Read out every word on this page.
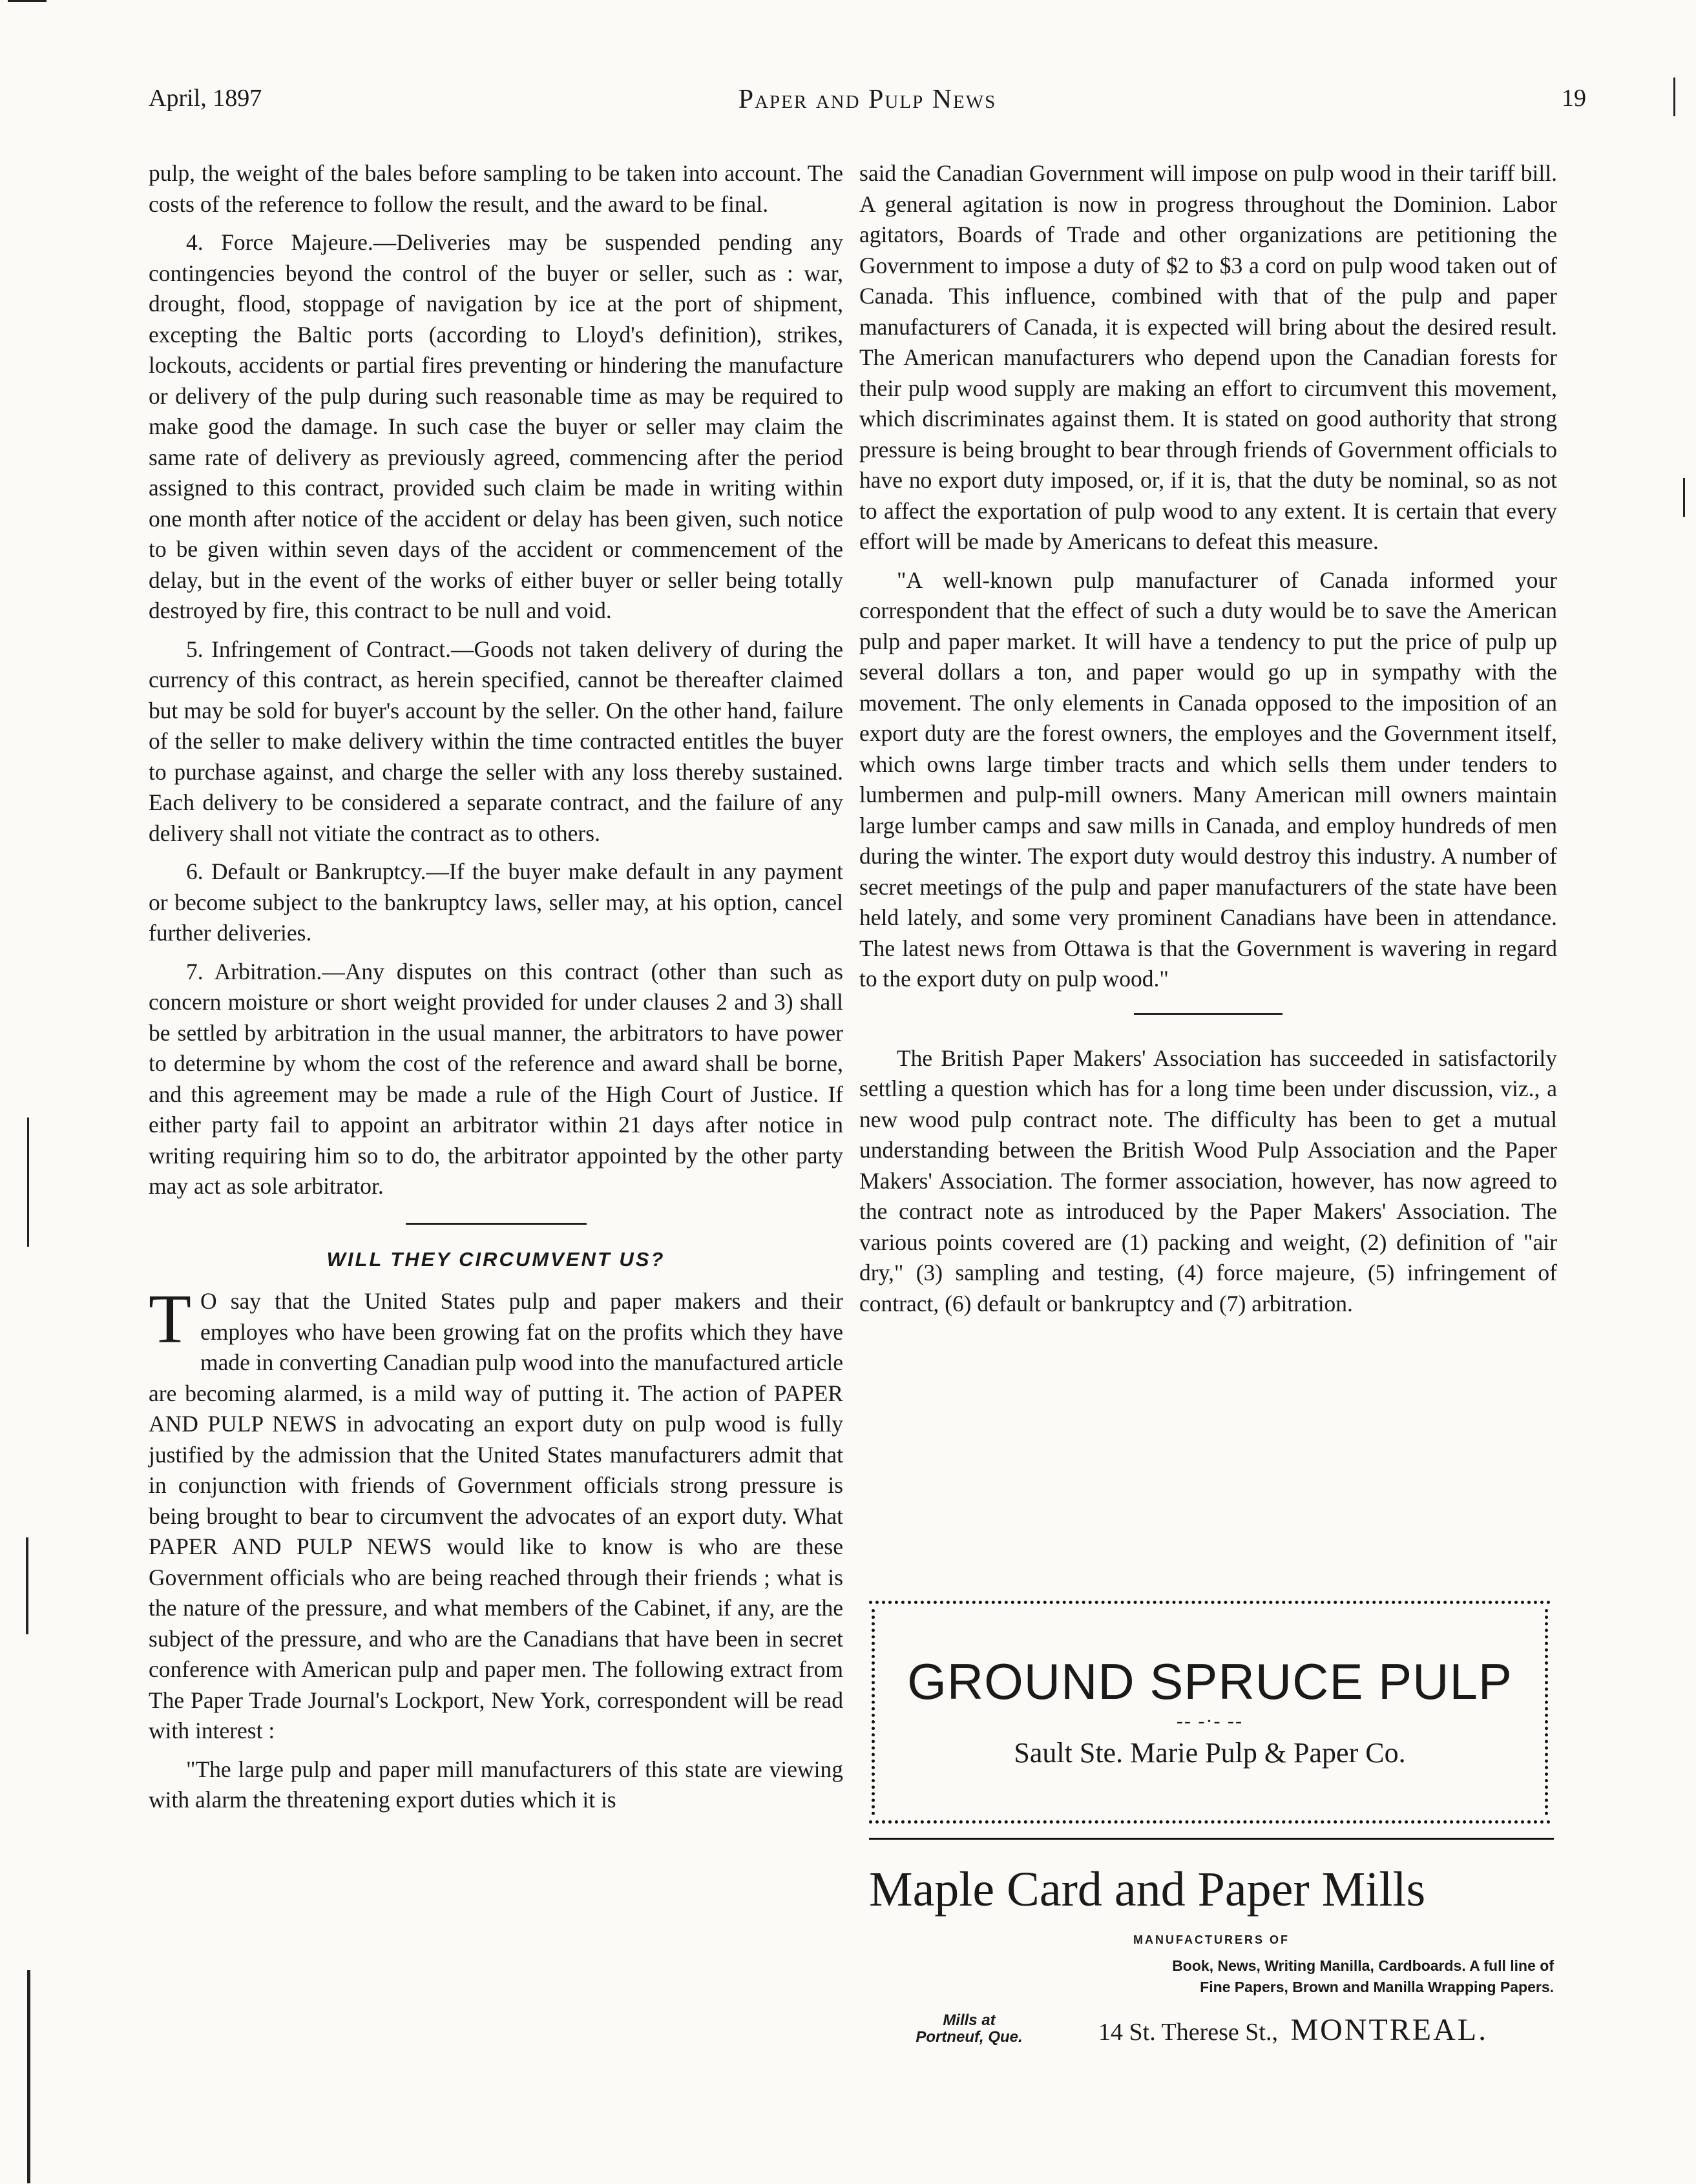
April, 1897	Paper and Pulp News	19

pulp, the weight of the bales before sampling to be taken into account. The costs of the reference to follow the result, and the award to be final.

4. Force Majeure.—Deliveries may be suspended pending any contingencies beyond the control of the buyer or seller, such as : war, drought, flood, stoppage of navigation by ice at the port of shipment, excepting the Baltic ports (according to Lloyd's definition), strikes, lockouts, accidents or partial fires preventing or hindering the manufacture or delivery of the pulp during such reasonable time as may be required to make good the damage. In such case the buyer or seller may claim the same rate of delivery as previously agreed, commencing after the period assigned to this contract, provided such claim be made in writing within one month after notice of the accident or delay has been given, such notice to be given within seven days of the accident or commencement of the delay, but in the event of the works of either buyer or seller being totally destroyed by fire, this contract to be null and void.

5. Infringement of Contract.—Goods not taken delivery of during the currency of this contract, as herein specified, cannot be thereafter claimed but may be sold for buyer's account by the seller. On the other hand, failure of the seller to make delivery within the time contracted entitles the buyer to purchase against, and charge the seller with any loss thereby sustained. Each delivery to be considered a separate contract, and the failure of any delivery shall not vitiate the contract as to others.

6. Default or Bankruptcy.—If the buyer make default in any payment or become subject to the bankruptcy laws, seller may, at his option, cancel further deliveries.

7. Arbitration.—Any disputes on this contract (other than such as concern moisture or short weight provided for under clauses 2 and 3) shall be settled by arbitration in the usual manner, the arbitrators to have power to determine by whom the cost of the reference and award shall be borne, and this agreement may be made a rule of the High Court of Justice. If either party fail to appoint an arbitrator within 21 days after notice in writing requiring him so to do, the arbitrator appointed by the other party may act as sole arbitrator.

WILL THEY CIRCUMVENT US?

T O say that the United States pulp and paper makers and their employes who have been growing fat on the profits which they have made in converting Canadian pulp wood into the manufactured article are becoming alarmed, is a mild way of putting it. The action of PAPER AND PULP NEWS in advocating an export duty on pulp wood is fully justified by the admission that the United States manufacturers admit that in conjunction with friends of Government officials strong pressure is being brought to bear to circumvent the advocates of an export duty. What PAPER AND PULP NEWS would like to know is who are these Government officials who are being reached through their friends ; what is the nature of the pressure, and what members of the Cabinet, if any, are the subject of the pressure, and who are the Canadians that have been in secret conference with American pulp and paper men. The following extract from The Paper Trade Journal's Lockport, New York, correspondent will be read with interest :

"The large pulp and paper mill manufacturers of this state are viewing with alarm the threatening export duties which it is

said the Canadian Government will impose on pulp wood in their tariff bill. A general agitation is now in progress throughout the Dominion. Labor agitators, Boards of Trade and other organizations are petitioning the Government to impose a duty of $2 to $3 a cord on pulp wood taken out of Canada. This influence, combined with that of the pulp and paper manufacturers of Canada, it is expected will bring about the desired result. The American manufacturers who depend upon the Canadian forests for their pulp wood supply are making an effort to circumvent this movement, which discriminates against them. It is stated on good authority that strong pressure is being brought to bear through friends of Government officials to have no export duty imposed, or, if it is, that the duty be nominal, so as not to affect the exportation of pulp wood to any extent. It is certain that every effort will be made by Americans to defeat this measure.

"A well-known pulp manufacturer of Canada informed your correspondent that the effect of such a duty would be to save the American pulp and paper market. It will have a tendency to put the price of pulp up several dollars a ton, and paper would go up in sympathy with the movement. The only elements in Canada opposed to the imposition of an export duty are the forest owners, the employes and the Government itself, which owns large timber tracts and which sells them under tenders to lumbermen and pulp-mill owners. Many American mill owners maintain large lumber camps and saw mills in Canada, and employ hundreds of men during the winter. The export duty would destroy this industry. A number of secret meetings of the pulp and paper manufacturers of the state have been held lately, and some very prominent Canadians have been in attendance. The latest news from Ottawa is that the Government is wavering in regard to the export duty on pulp wood."

The British Paper Makers' Association has succeeded in satisfactorily settling a question which has for a long time been under discussion, viz., a new wood pulp contract note. The difficulty has been to get a mutual understanding between the British Wood Pulp Association and the Paper Makers' Association. The former association, however, has now agreed to the contract note as introduced by the Paper Makers' Association. The various points covered are (1) packing and weight, (2) definition of "air dry," (3) sampling and testing, (4) force majeure, (5) infringement of contract, (6) default or bankruptcy and (7) arbitration.

GROUND SPRUCE PULP
-- -·- --
Sault Ste. Marie Pulp & Paper Co.
Maple Card and Paper Mills
MANUFACTURERS OF
Book, News, Writing Manilla, Cardboards. A full line of
Fine Papers, Brown and Manilla Wrapping Papers.
Mills at
Portneuf, Que.	14 St. Therese St., MONTREAL.
